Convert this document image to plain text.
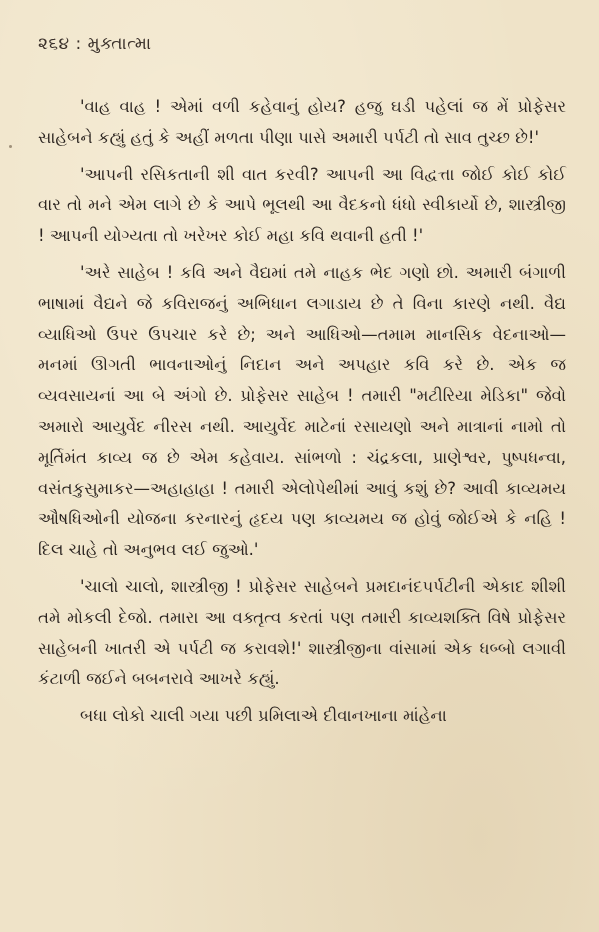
૨૬૪ : મુક્તાત્મા

'વાહ વાહ ! એમાં વળી કહેવાનું હોય? હજુ ઘડી પહેલાં જ મેં પ્રોફેસર સાહેબને કહ્યું હતું કે અહીં મળતા પીણા પાસે અમારી પર્પટી તો સાવ તુચ્છ છે!'

'આપની રસિકતાની શી વાત કરવી? આપની આ વિદ્વત્તા જોઈ કોઈ કોઈ વાર તો મને એમ લાગે છે કે આપે ભૂલથી આ વૈદકનો ધંધો સ્વીકાર્યો છે, શાસ્ત્રીજી ! આપની યોગ્યતા તો ખરેખર કોઈ મહા કવિ થવાની હતી !'

'અરે સાહેબ ! કવિ અને વૈદ્યમાં તમે નાહક ભેદ ગણો છો. અમારી બંગાળી ભાષામાં વૈદ્યને જે કવિરાજનું અભિધાન લગાડાય છે તે વિના કારણે નથી. વૈદ્ય વ્યાધિઓ ઉપર ઉપચાર કરે છે; અને આધિઓ—તમામ માનસિક વેદનાઓ—મનમાં ઊગતી ભાવનાઓનું નિદાન અને અપહાર કવિ કરે છે. એક જ વ્યવસાયનાં આ બે અંગો છે. પ્રોફેસર સાહેબ ! તમારી "મટીરિયા મેડિકા" જેવો અમારો આયુર્વેદ નીરસ નથી. આયુર્વેદ માટેનાં રસાયણો અને માત્રાનાં નામો તો મૂર્તિમંત કાવ્ય જ છે એમ કહેવાય. સાંભળો : ચંદ્રકલા, પ્રાણેશ્વર, પુષ્પધન્વા, વસંતકુસુમાકર—અહાહાહા ! તમારી એલોપેથીમાં આવું કશું છે? આવી કાવ્યમય ઔષધિઓની યોજના કરનારનું હૃદય પણ કાવ્યમય જ હોવું જોઈએ કે નહિ ! દિલ ચાહે તો અનુભવ લઈ જુઓ.'

'ચાલો ચાલો, શાસ્ત્રીજી ! પ્રોફેસર સાહેબને પ્રમદાનંદપર્પટીની એકાદ શીશી તમે મોકલી દેજો. તમારા આ વક્તૃત્વ કરતાં પણ તમારી કાવ્યશક્તિ વિષે પ્રોફેસર સાહેબની ખાતરી એ પર્પટી જ કરાવશે!' શાસ્ત્રીજીના વાંસામાં એક ધબ્બો લગાવી કંટાળી જઈને બબનરાવે આખરે કહ્યું.

બધા લોકો ચાલી ગયા પછી પ્રમિલાએ દીવાનખાના માંહેના
